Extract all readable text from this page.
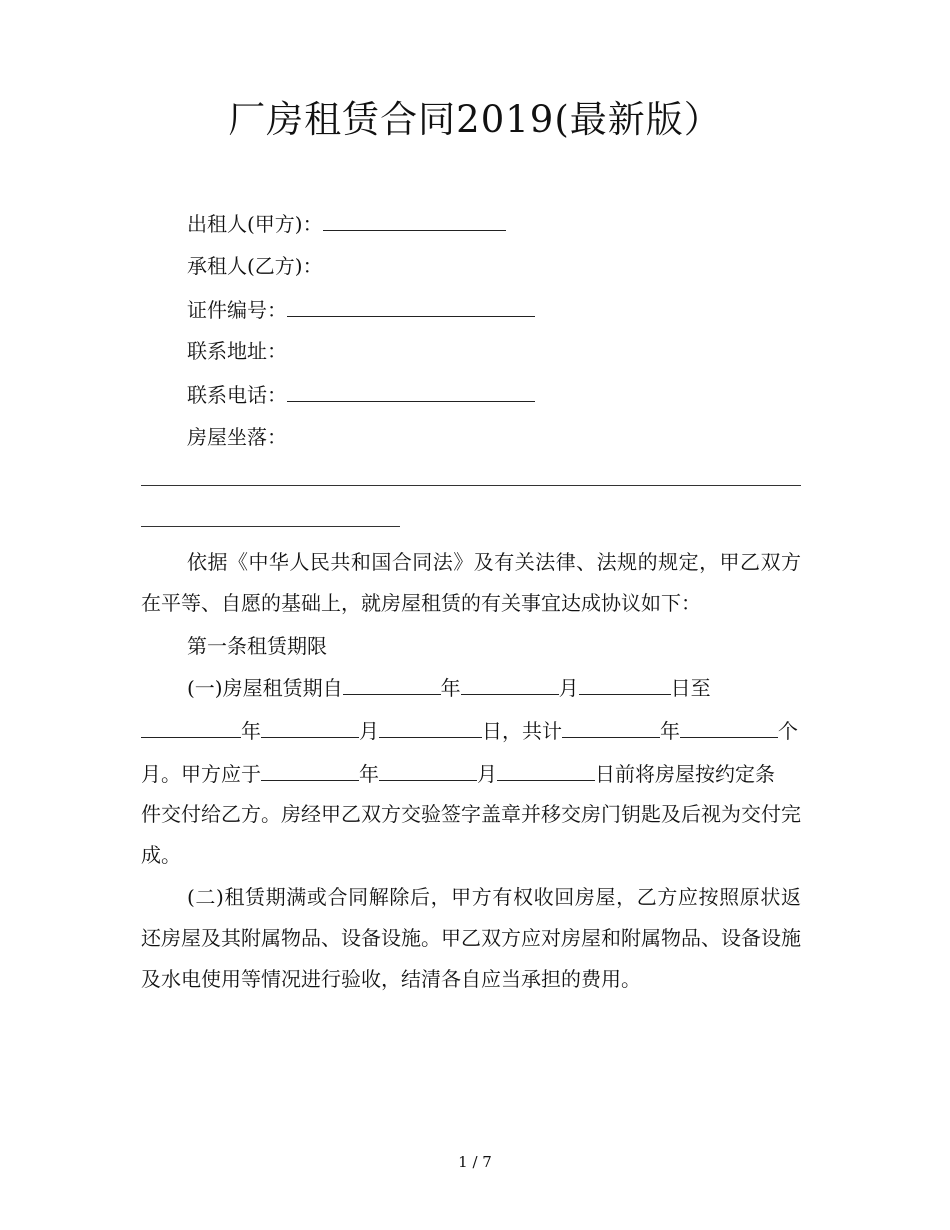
厂房租赁合同2019(最新版）
出租人(甲方)：
承租人(乙方)：
证件编号：
联系地址：
联系电话：
房屋坐落：
依据《中华人民共和国合同法》及有关法律、法规的规定，甲乙双方在平等、自愿的基础上，就房屋租赁的有关事宜达成协议如下：
第一条租赁期限
(一)房屋租赁期自	年	月	日至
年	月	日，共计	年	个
月。甲方应于	年	月	日前将房屋按约定条
件交付给乙方。房经甲乙双方交验签字盖章并移交房门钥匙及后视为交付完成。
(二)租赁期满或合同解除后，甲方有权收回房屋，乙方应按照原状返还房屋及其附属物品、设备设施。甲乙双方应对房屋和附属物品、设备设施及水电使用等情况进行验收，结清各自应当承担的费用。
1 / 7
